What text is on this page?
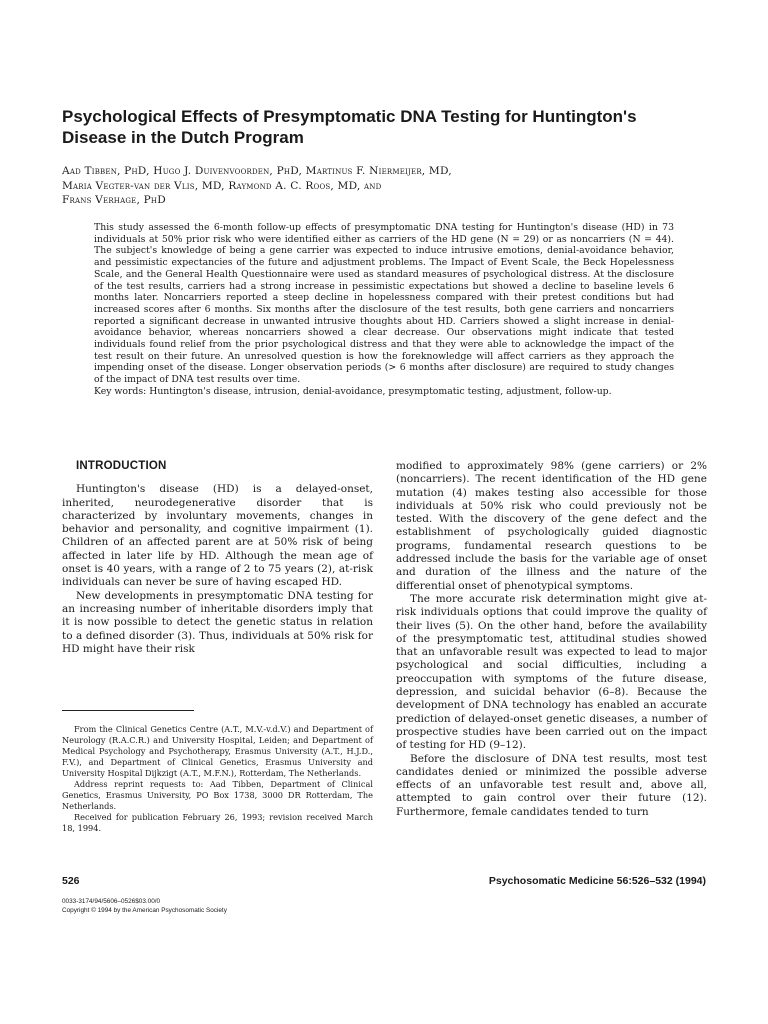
Psychological Effects of Presymptomatic DNA Testing for Huntington's Disease in the Dutch Program
Aad Tibben, PhD, Hugo J. Duivenvoorden, PhD, Martinus F. Niermeijer, MD,
Maria Vegter-van der Vlis, MD, Raymond A. C. Roos, MD, and
Frans Verhage, PhD

This study assessed the 6-month follow-up effects of presymptomatic DNA testing for Huntington's disease (HD) in 73 individuals at 50% prior risk who were identified either as carriers of the HD gene (N = 29) or as noncarriers (N = 44). The subject's knowledge of being a gene carrier was expected to induce intrusive emotions, denial-avoidance behavior, and pessimistic expectancies of the future and adjustment problems. The Impact of Event Scale, the Beck Hopelessness Scale, and the General Health Questionnaire were used as standard measures of psychological distress. At the disclosure of the test results, carriers had a strong increase in pessimistic expectations but showed a decline to baseline levels 6 months later. Noncarriers reported a steep decline in hopelessness compared with their pretest conditions but had increased scores after 6 months. Six months after the disclosure of the test results, both gene carriers and noncarriers reported a significant decrease in unwanted intrusive thoughts about HD. Carriers showed a slight increase in denial-avoidance behavior, whereas noncarriers showed a clear decrease. Our observations might indicate that tested individuals found relief from the prior psychological distress and that they were able to acknowledge the impact of the test result on their future. An unresolved question is how the foreknowledge will affect carriers as they approach the impending onset of the disease. Longer observation periods (> 6 months after disclosure) are required to study changes of the impact of DNA test results over time.

Key words: Huntington's disease, intrusion, denial-avoidance, presymptomatic testing, adjustment, follow-up.

INTRODUCTION

Huntington's disease (HD) is a delayed-onset, inherited, neurodegenerative disorder that is characterized by involuntary movements, changes in behavior and personality, and cognitive impairment (1). Children of an affected parent are at 50% risk of being affected in later life by HD. Although the mean age of onset is 40 years, with a range of 2 to 75 years (2), at-risk individuals can never be sure of having escaped HD.

New developments in presymptomatic DNA testing for an increasing number of inheritable disorders imply that it is now possible to detect the genetic status in relation to a defined disorder (3). Thus, individuals at 50% risk for HD might have their risk

modified to approximately 98% (gene carriers) or 2% (noncarriers). The recent identification of the HD gene mutation (4) makes testing also accessible for those individuals at 50% risk who could previously not be tested. With the discovery of the gene defect and the establishment of psychologically guided diagnostic programs, fundamental research questions to be addressed include the basis for the variable age of onset and duration of the illness and the nature of the differential onset of phenotypical symptoms.

The more accurate risk determination might give at-risk individuals options that could improve the quality of their lives (5). On the other hand, before the availability of the presymptomatic test, attitudinal studies showed that an unfavorable result was expected to lead to major psychological and social difficulties, including a preoccupation with symptoms of the future disease, depression, and suicidal behavior (6–8). Because the development of DNA technology has enabled an accurate prediction of delayed-onset genetic diseases, a number of prospective studies have been carried out on the impact of testing for HD (9–12).

Before the disclosure of DNA test results, most test candidates denied or minimized the possible adverse effects of an unfavorable test result and, above all, attempted to gain control over their future (12). Furthermore, female candidates tended to turn

From the Clinical Genetics Centre (A.T., M.V.-v.d.V.) and Department of Neurology (R.A.C.R.) and University Hospital, Leiden; and Department of Medical Psychology and Psychotherapy, Erasmus University (A.T., H.J.D., F.V.), and Department of Clinical Genetics, Erasmus University and University Hospital Dijkzigt (A.T., M.F.N.), Rotterdam, The Netherlands.

Address reprint requests to: Aad Tibben, Department of Clinical Genetics, Erasmus University, PO Box 1738, 3000 DR Rotterdam, The Netherlands.

Received for publication February 26, 1993; revision received March 18, 1994.

526	Psychosomatic Medicine 56:526–532 (1994)
0033-3174/94/5606–0526$03.00/0
Copyright © 1994 by the American Psychosomatic Society
